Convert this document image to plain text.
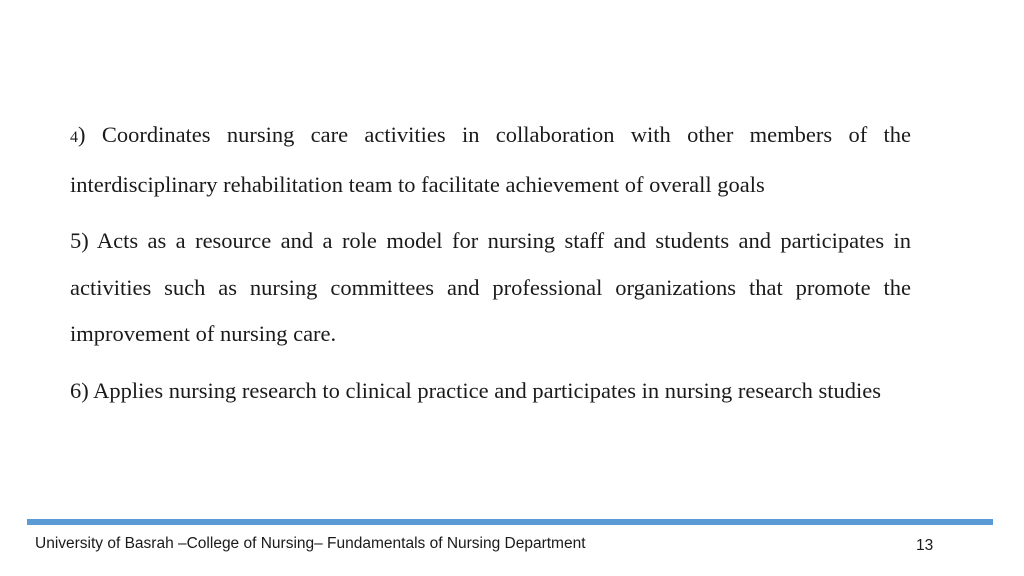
4) Coordinates nursing care activities in collaboration with other members of the interdisciplinary rehabilitation team to facilitate achievement of overall goals

5) Acts as a resource and a role model for nursing staff and students and participates in activities such as nursing committees and professional organizations that promote the improvement of nursing care.

6) Applies nursing research to clinical practice and participates in nursing research studies

University of Basrah –College of Nursing– Fundamentals of Nursing Department	13
